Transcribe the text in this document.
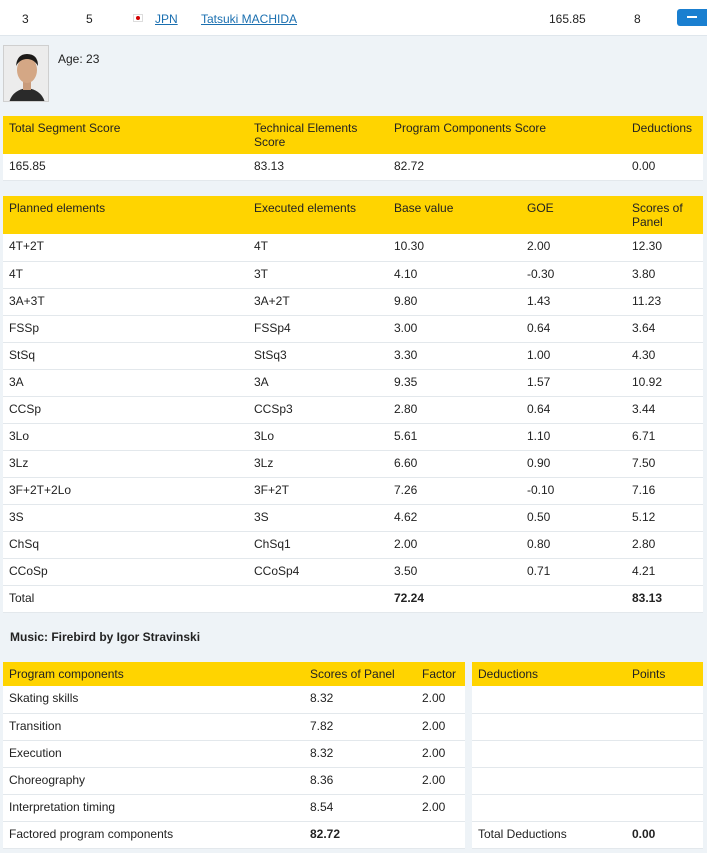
3	5	JPN Tatsuki MACHIDA	165.85	8
Age: 23
Total Segment Score	Technical Elements Score	Program Components Score	Deductions
165.85	83.13	82.72	0.00
Planned elements	Executed elements	Base value	GOE	Scores of Panel
4T+2T	4T	10.30	2.00	12.30
4T	3T	4.10	-0.30	3.80
3A+3T	3A+2T	9.80	1.43	11.23
FSSp	FSSp4	3.00	0.64	3.64
StSq	StSq3	3.30	1.00	4.30
3A	3A	9.35	1.57	10.92
CCSp	CCSp3	2.80	0.64	3.44
3Lo	3Lo	5.61	1.10	6.71
3Lz	3Lz	6.60	0.90	7.50
3F+2T+2Lo	3F+2T	7.26	-0.10	7.16
3S	3S	4.62	0.50	5.12
ChSq	ChSq1	2.00	0.80	2.80
CCoSp	CCoSp4	3.50	0.71	4.21
Total		72.24		83.13
Music: Firebird by Igor Stravinski
Program components	Scores of Panel	Factor
Skating skills	8.32	2.00
Transition	7.82	2.00
Execution	8.32	2.00
Choreography	8.36	2.00
Interpretation timing	8.54	2.00
Factored program components	82.72	
Deductions	Points

Total Deductions	0.00
